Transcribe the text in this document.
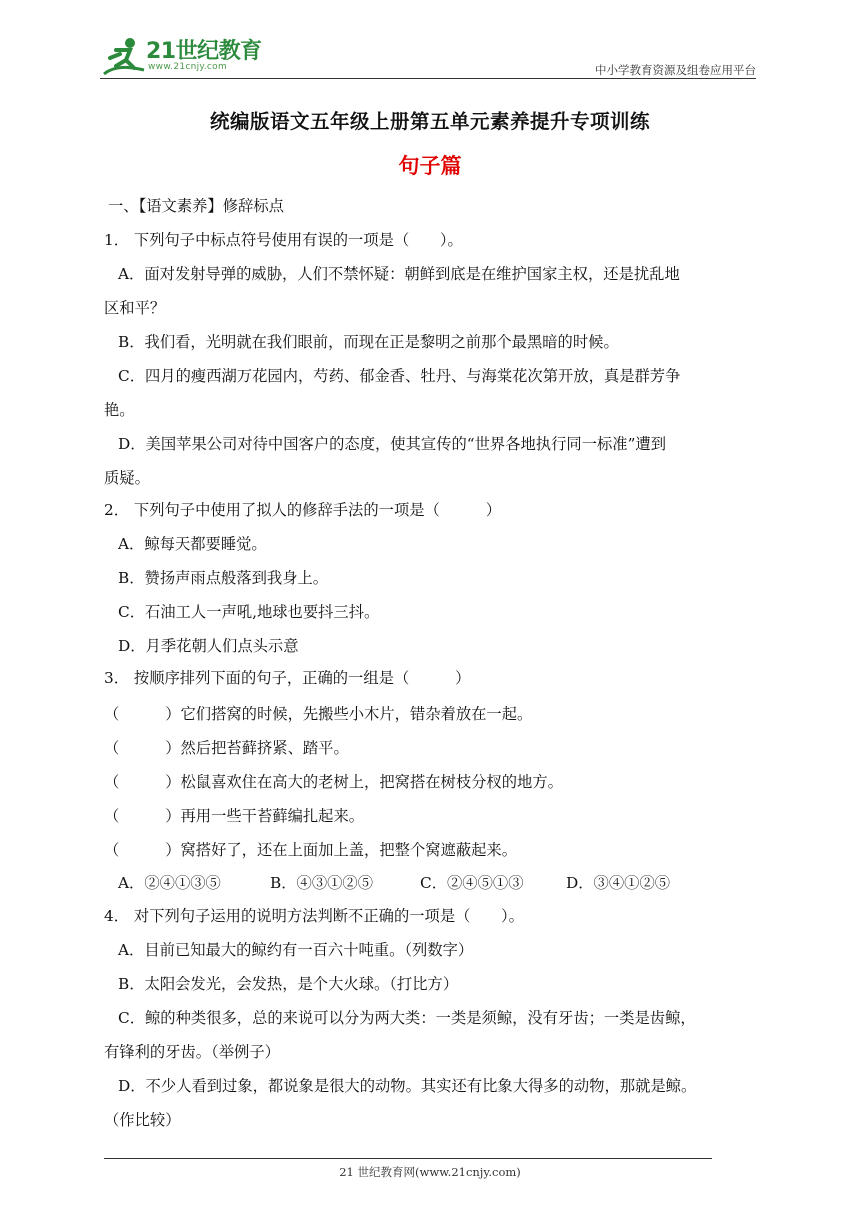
21世纪教育
www.21cnjy.com	中小学教育资源及组卷应用平台
统编版语文五年级上册第五单元素养提升专项训练
句子篇
一、【语文素养】修辞标点
1． 下列句子中标点符号使用有误的一项是（　　）。
A．面对发射导弹的威胁，人们不禁怀疑：朝鲜到底是在维护国家主权，还是扰乱地
区和平？
B．我们看，光明就在我们眼前，而现在正是黎明之前那个最黑暗的时候。
C．四月的瘦西湖万花园内，芍药、郁金香、牡丹、与海棠花次第开放，真是群芳争
艳。
D．美国苹果公司对待中国客户的态度，使其宣传的“世界各地执行同一标准”遭到
质疑。
2． 下列句子中使用了拟人的修辞手法的一项是（　　　）
A．鲸每天都要睡觉。
B．赞扬声雨点般落到我身上。
C．石油工人一声吼,地球也要抖三抖。
D．月季花朝人们点头示意
3． 按顺序排列下面的句子，正确的一组是（　　　）
（　　　）它们搭窝的时候，先搬些小木片，错杂着放在一起。
（　　　）然后把苔藓挤紧、踏平。
（　　　）松鼠喜欢住在高大的老树上，把窝搭在树枝分杈的地方。
（　　　）再用一些干苔藓编扎起来。
（　　　）窝搭好了，还在上面加上盖，把整个窝遮蔽起来。
A．②④①③⑤	B．④③①②⑤	C．②④⑤①③	D．③④①②⑤
4． 对下列句子运用的说明方法判断不正确的一项是（　　）。
A．目前已知最大的鲸约有一百六十吨重。（列数字）
B．太阳会发光，会发热，是个大火球。（打比方）
C．鲸的种类很多，总的来说可以分为两大类：一类是须鲸，没有牙齿；一类是齿鲸，
有锋利的牙齿。（举例子）
D．不少人看到过象，都说象是很大的动物。其实还有比象大得多的动物，那就是鲸。
（作比较）
21 世纪教育网(www.21cnjy.com)
